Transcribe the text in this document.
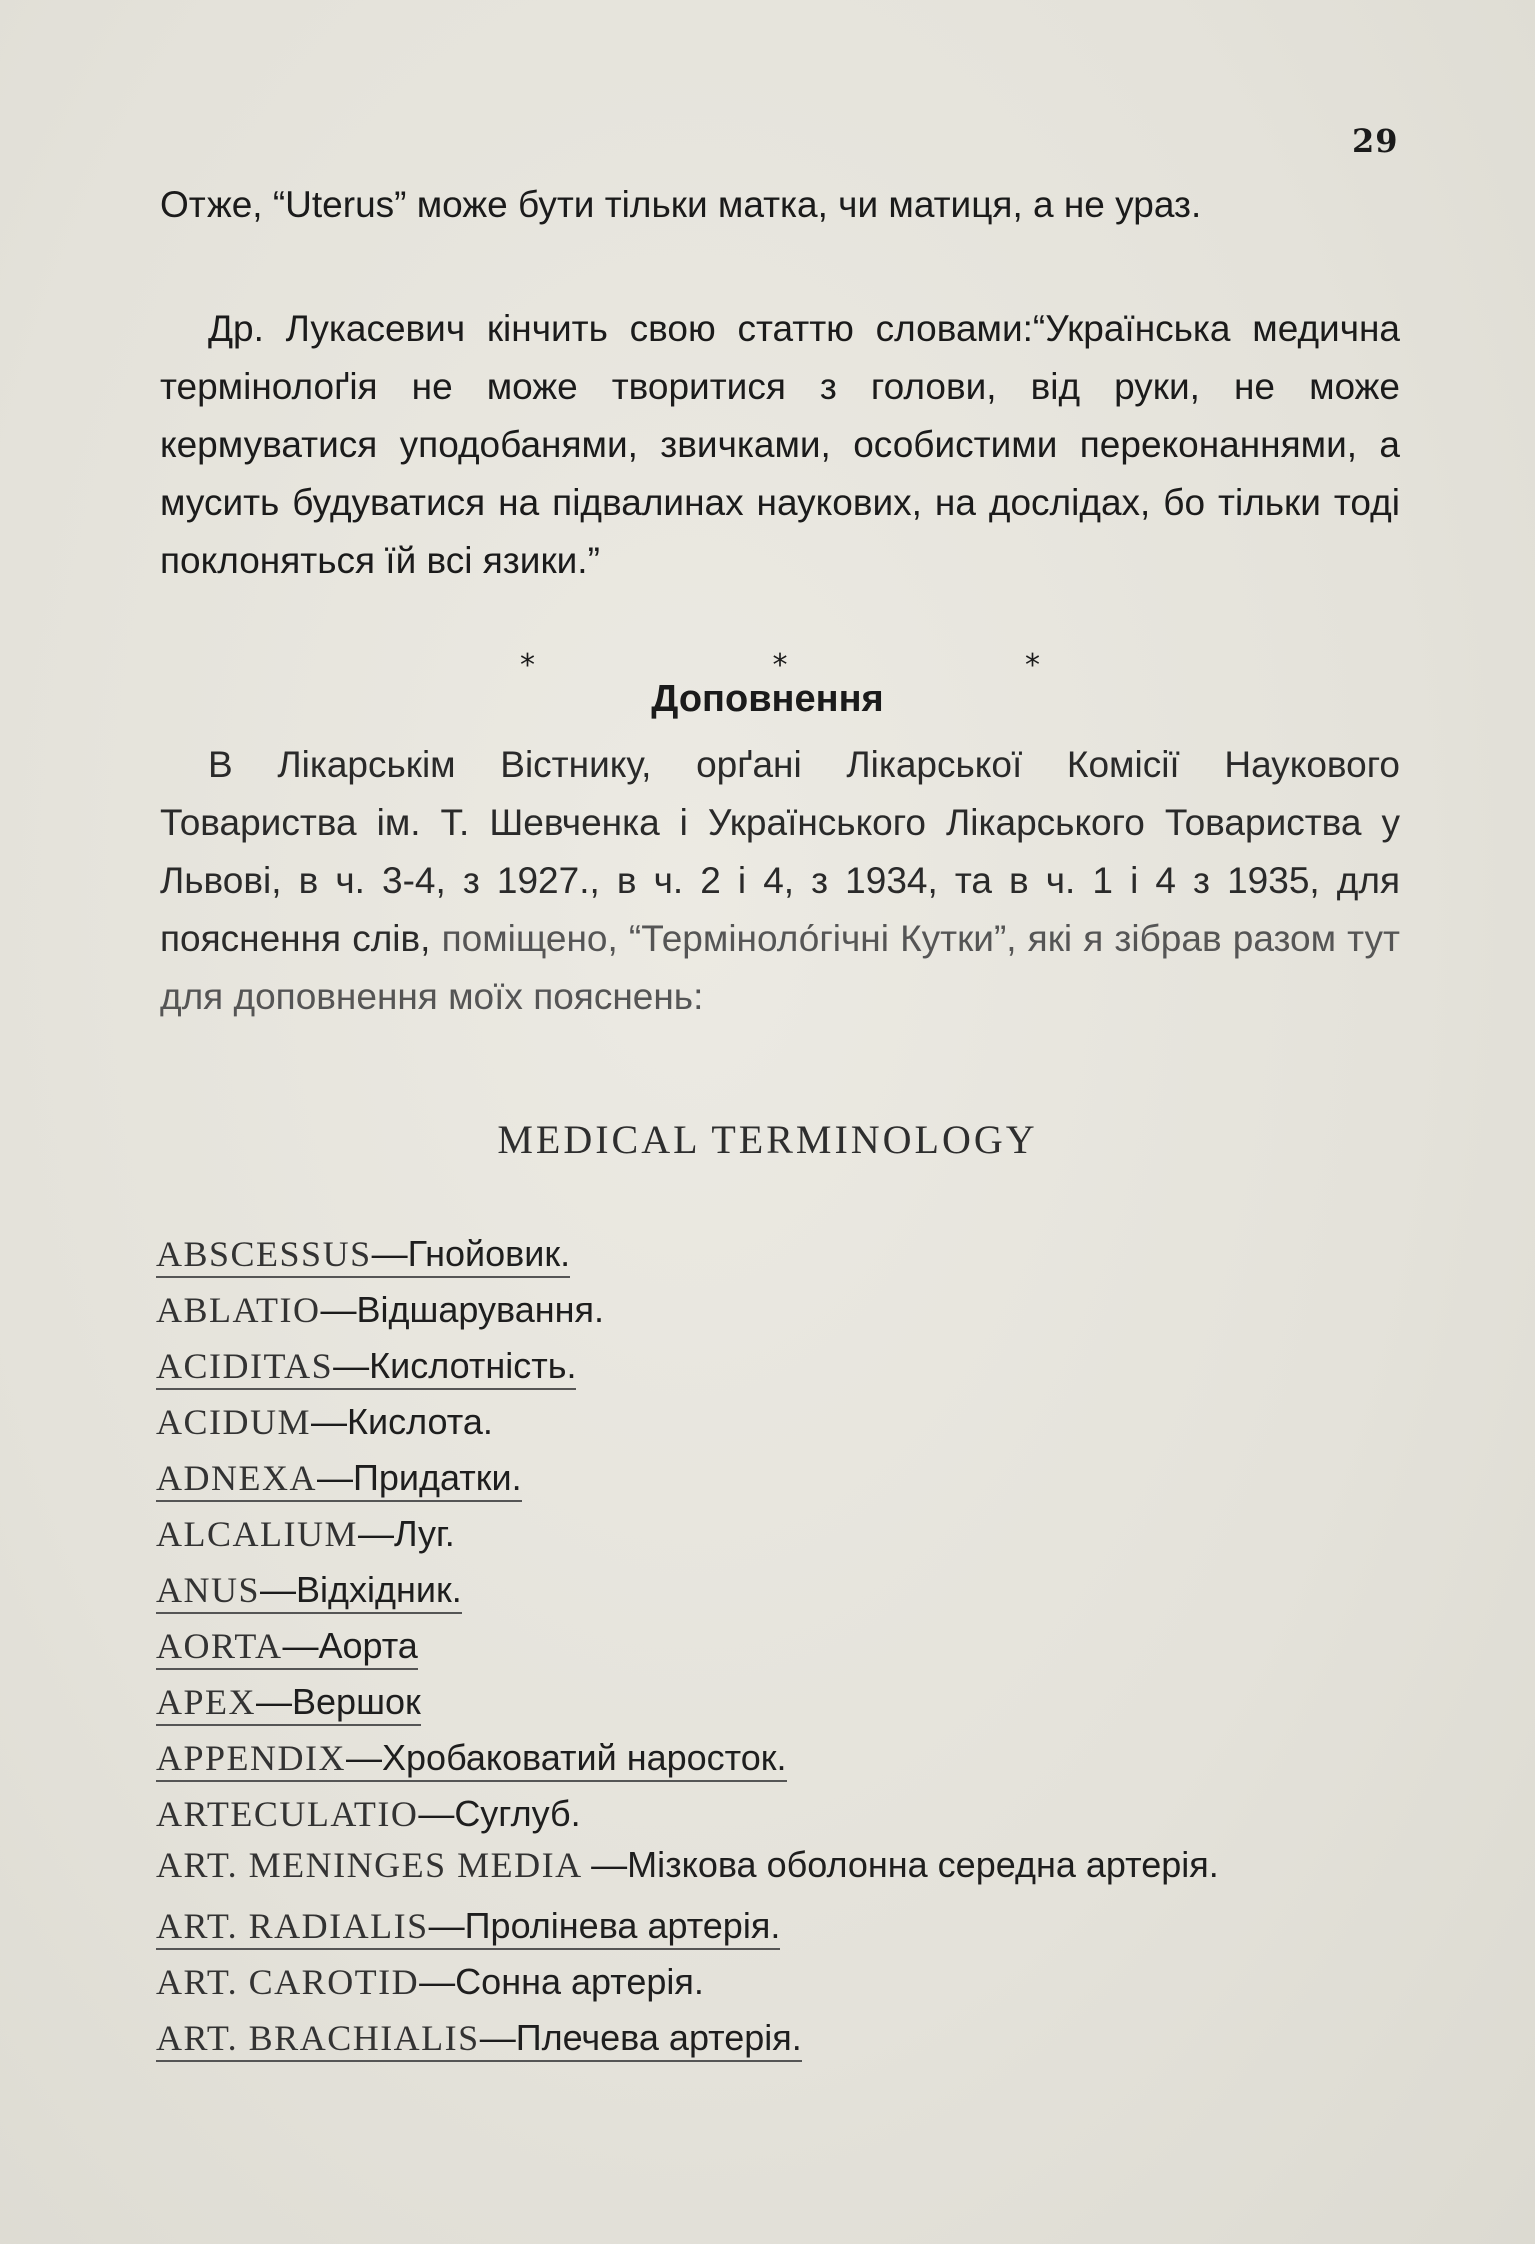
29

Отже, “Uterus” може бути тільки матка, чи матиця, а не ураз.

Др. Лукасевич кінчить свою статтю словами:“Українська медична термінолоґія не може творитися з голови, від руки, не може кермуватися уподобанями, звичками, особистими переконаннями, а мусить будуватися на підвалинах наукових, на дослідах, бо тільки тоді поклоняться їй всі язики.”

*	*	*
Доповнення

В Лікарськім Вістнику, орґані Лікарської Комісії Наукового Товариства ім. Т. Шевченка і Українського Лікарського Товариства у Львові, в ч. 3-4, з 1927., в ч. 2 і 4, з 1934, та в ч. 1 і 4 з 1935, для пояснення слів, поміщено, “Терміноло́гічні Кутки”, які я зібрав разом тут для доповнення моїх пояснень:

MEDICAL TERMINOLOGY
ABSCESSUS—Гнойовик.
ABLATIO—Відшарування.
ACIDITAS—Кислотність.
ACIDUM—Кислота.
ADNEXA—Придатки.
ALCALIUM—Луг.
ANUS—Відхідник.
AORTA—Аорта
APEX—Вершок
APPENDIX—Хробаковатий наросток.
ARTECULATIO—Суглуб.
ART. MENINGES MEDIA —Мізкова оболонна середна артерія.
ART. RADIALIS—Пролінева артерія.
ART. CAROTID—Сонна артерія.
ART. BRACHIALIS—Плечева артерія.
